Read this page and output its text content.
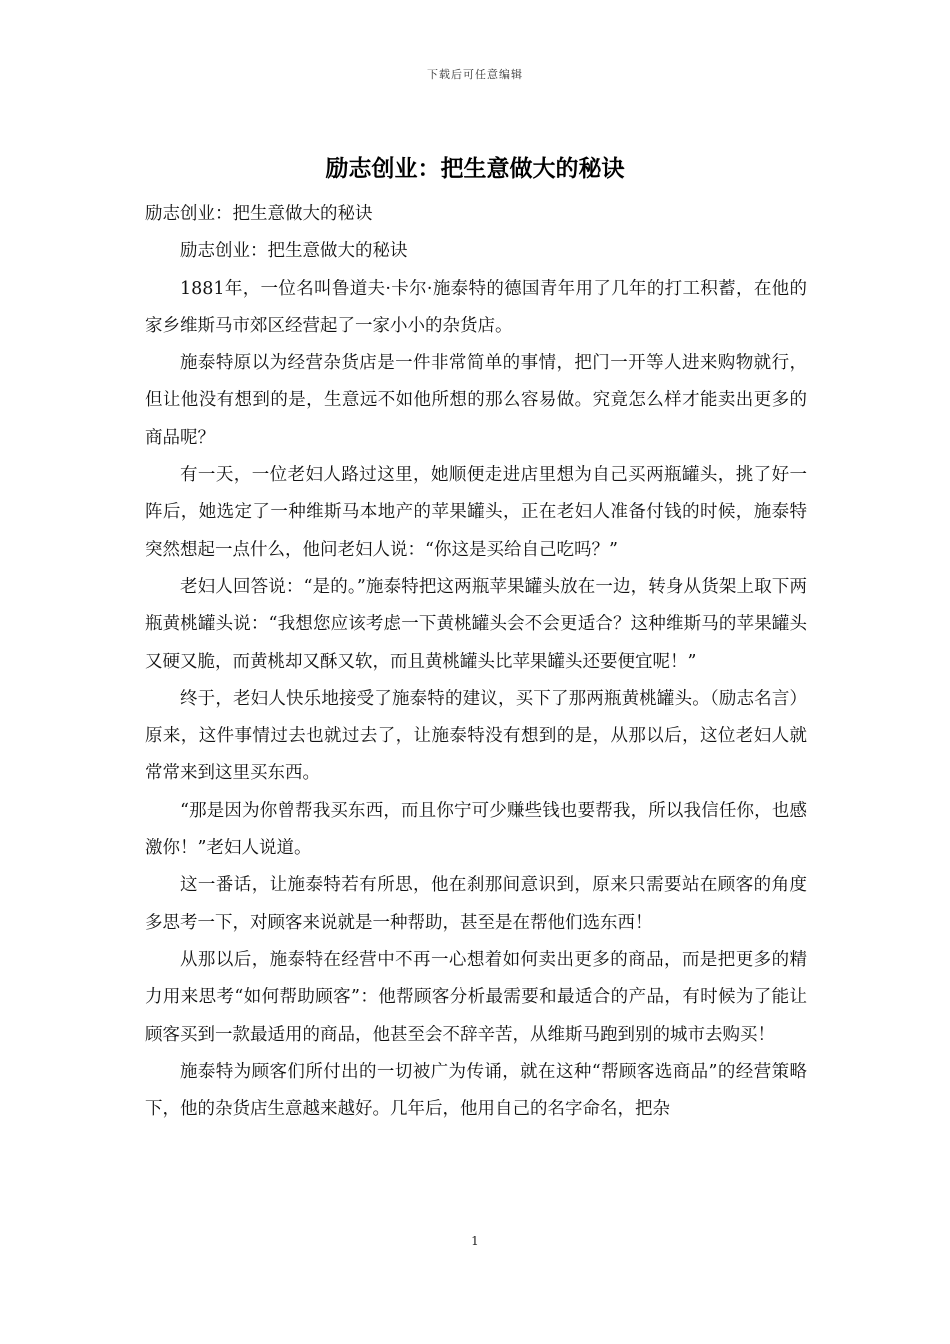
下载后可任意编辑
励志创业：把生意做大的秘诀

励志创业：把生意做大的秘诀

励志创业：把生意做大的秘诀

1881年，一位名叫鲁道夫·卡尔·施泰特的德国青年用了几年的打工积蓄，在他的家乡维斯马市郊区经营起了一家小小的杂货店。

施泰特原以为经营杂货店是一件非常简单的事情，把门一开等人进来购物就行，但让他没有想到的是，生意远不如他所想的那么容易做。究竟怎么样才能卖出更多的商品呢？

有一天，一位老妇人路过这里，她顺便走进店里想为自己买两瓶罐头，挑了好一阵后，她选定了一种维斯马本地产的苹果罐头，正在老妇人准备付钱的时候，施泰特突然想起一点什么，他问老妇人说：“你这是买给自己吃吗？”

老妇人回答说：“是的。”施泰特把这两瓶苹果罐头放在一边，转身从货架上取下两瓶黄桃罐头说：“我想您应该考虑一下黄桃罐头会不会更适合？这种维斯马的苹果罐头又硬又脆，而黄桃却又酥又软，而且黄桃罐头比苹果罐头还要便宜呢！”

终于，老妇人快乐地接受了施泰特的建议，买下了那两瓶黄桃罐头。（励志名言）原来，这件事情过去也就过去了，让施泰特没有想到的是，从那以后，这位老妇人就常常来到这里买东西。

“那是因为你曾帮我买东西，而且你宁可少赚些钱也要帮我，所以我信任你，也感激你！”老妇人说道。

这一番话，让施泰特若有所思，他在刹那间意识到，原来只需要站在顾客的角度多思考一下，对顾客来说就是一种帮助，甚至是在帮他们选东西！

从那以后，施泰特在经营中不再一心想着如何卖出更多的商品，而是把更多的精力用来思考“如何帮助顾客”：他帮顾客分析最需要和最适合的产品，有时候为了能让顾客买到一款最适用的商品，他甚至会不辞辛苦，从维斯马跑到别的城市去购买！

施泰特为顾客们所付出的一切被广为传诵，就在这种“帮顾客选商品”的经营策略下，他的杂货店生意越来越好。几年后，他用自己的名字命名，把杂

1
